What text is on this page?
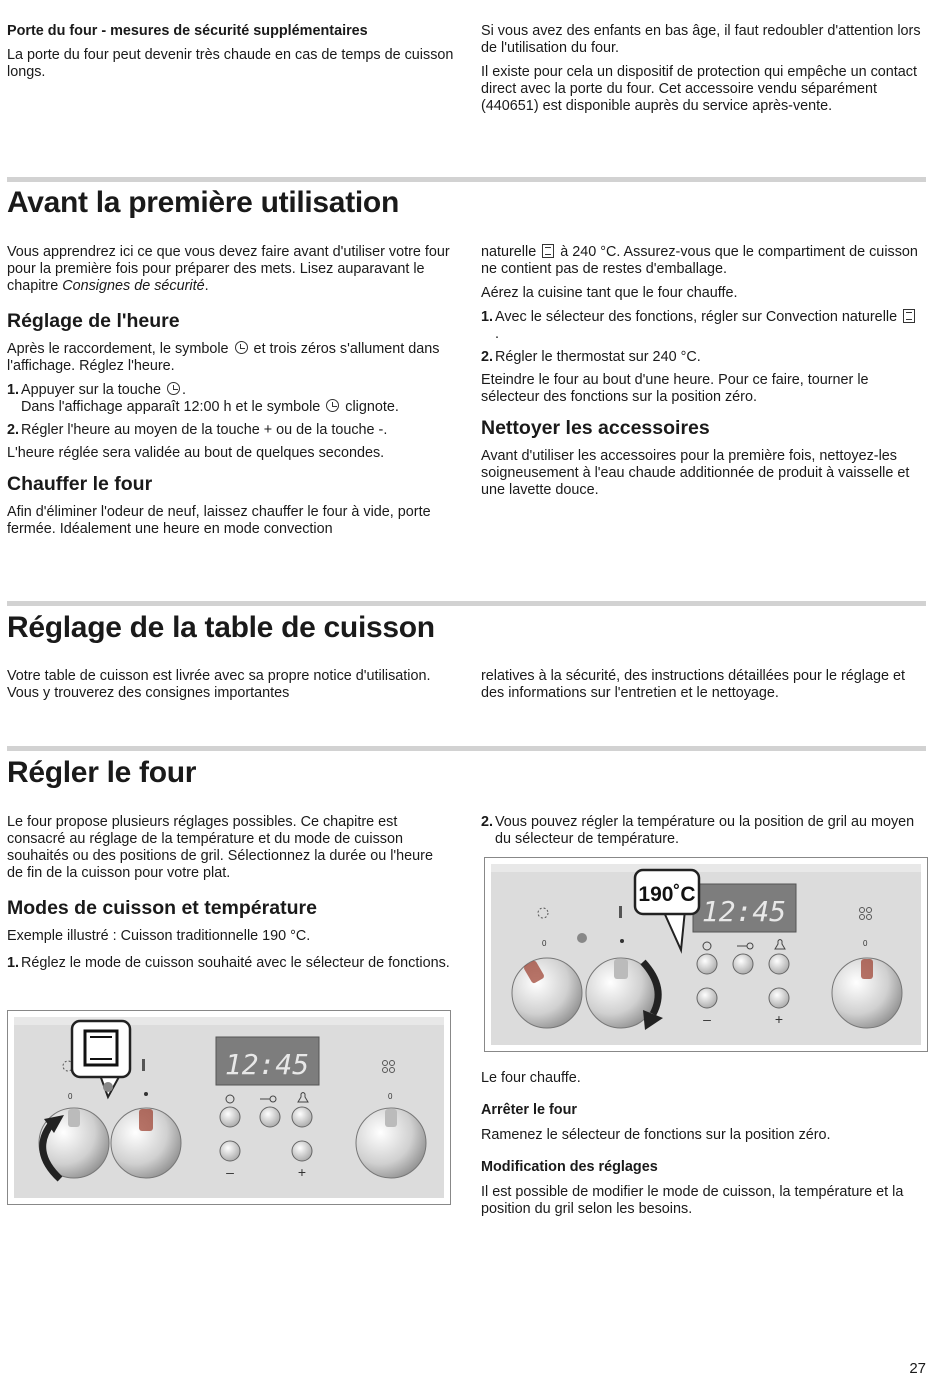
Porte du four - mesures de sécurité supplémentaires

La porte du four peut devenir très chaude en cas de temps de cuisson longs.

Si vous avez des enfants en bas âge, il faut redoubler d'attention lors de l'utilisation du four.

Il existe pour cela un dispositif de protection qui empêche un contact direct avec la porte du four. Cet accessoire vendu séparément (440651) est disponible auprès du service après-vente.

Avant la première utilisation

Vous apprendrez ici ce que vous devez faire avant d'utiliser votre four pour la première fois pour préparer des mets. Lisez auparavant le chapitre Consignes de sécurité.

Réglage de l'heure

Après le raccordement, le symbole  et trois zéros s'allument dans l'affichage. Réglez l'heure.

1. Appuyer sur la touche .
Dans l'affichage apparaît 12:00 h et le symbole  clignote.
2. Régler l'heure au moyen de la touche + ou de la touche -.

L'heure réglée sera validée au bout de quelques secondes.

Chauffer le four

Afin d'éliminer l'odeur de neuf, laissez chauffer le four à vide, porte fermée. Idéalement une heure en mode convection

naturelle  à 240 °C. Assurez-vous que le compartiment de cuisson ne contient pas de restes d'emballage.

Aérez la cuisine tant que le four chauffe.

1. Avec le sélecteur des fonctions, régler sur Convection naturelle .
2. Régler le thermostat sur 240 °C.

Eteindre le four au bout d'une heure. Pour ce faire, tourner le sélecteur des fonctions sur la position zéro.

Nettoyer les accessoires

Avant d'utiliser les accessoires pour la première fois, nettoyez-les soigneusement à l'eau chaude additionnée de produit à vaisselle et une lavette douce.

Réglage de la table de cuisson

Votre table de cuisson est livrée avec sa propre notice d'utilisation. Vous y trouverez des consignes importantes

relatives à la sécurité, des instructions détaillées pour le réglage et des informations sur l'entretien et le nettoyage.

Régler le four

Le four propose plusieurs réglages possibles. Ce chapitre est consacré au réglage de la température et du mode de cuisson souhaités ou des positions de gril. Sélectionnez la durée ou l'heure de fin de la cuisson pour votre plat.

Modes de cuisson et température

Exemple illustré : Cuisson traditionnelle 190 °C.

1. Réglez le mode de cuisson souhaité avec le sélecteur de fonctions.
2. Vous pouvez régler la température ou la position de gril au moyen du sélecteur de température.
12:45
0	0
–	+
12:45
0	0
–	+
190˚C

Le four chauffe.

Arrêter le four

Ramenez le sélecteur de fonctions sur la position zéro.

Modification des réglages

Il est possible de modifier le mode de cuisson, la température et la position du gril selon les besoins.

27
